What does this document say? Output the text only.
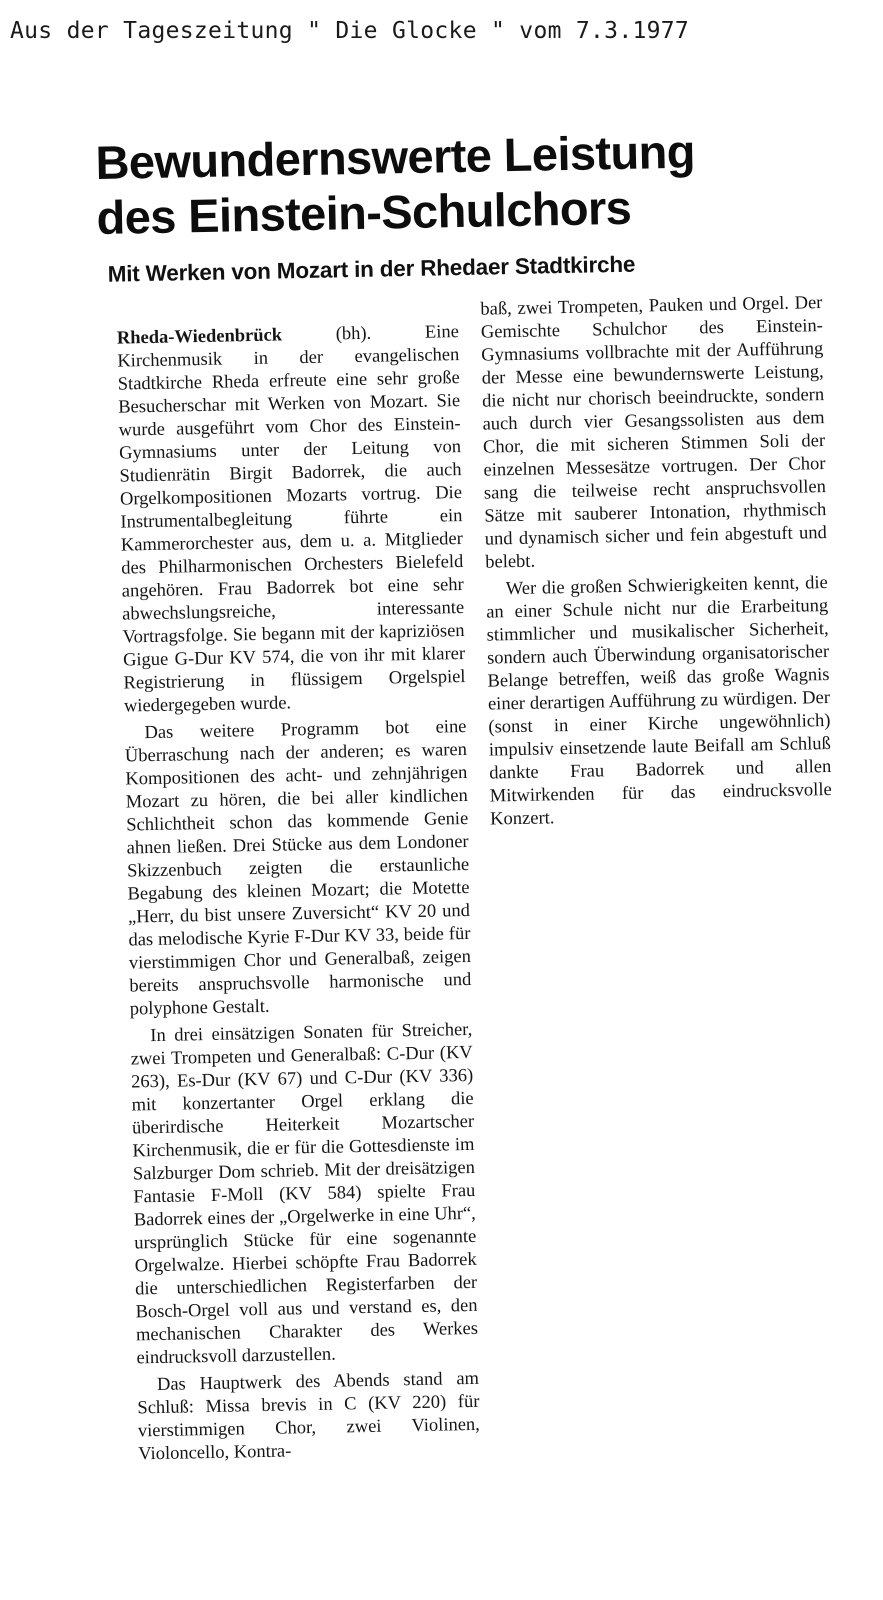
Aus der Tageszeitung " Die Glocke " vom 7.3.1977
Bewundernswerte Leistung
des Einstein-Schulchors
Mit Werken von Mozart in der Rhedaer Stadtkirche

Rheda-Wiedenbrück (bh). Eine Kirchenmusik in der evangelischen Stadtkirche Rheda erfreute eine sehr große Besucherschar mit Werken von Mozart. Sie wurde ausgeführt vom Chor des Einstein-Gymnasiums unter der Leitung von Studienrätin Birgit Badorrek, die auch Orgelkompositionen Mozarts vortrug. Die Instrumentalbegleitung führte ein Kammerorchester aus, dem u. a. Mitglieder des Philharmonischen Orchesters Bielefeld angehören. Frau Badorrek bot eine sehr abwechslungsreiche, interessante Vortragsfolge. Sie begann mit der kapriziösen Gigue G-Dur KV 574, die von ihr mit klarer Registrierung in flüssigem Orgelspiel wiedergegeben wurde.

Das weitere Programm bot eine Überraschung nach der anderen; es waren Kompositionen des acht- und zehnjährigen Mozart zu hören, die bei aller kindlichen Schlichtheit schon das kommende Genie ahnen ließen. Drei Stücke aus dem Londoner Skizzenbuch zeigten die erstaunliche Begabung des kleinen Mozart; die Motette „Herr, du bist unsere Zuversicht“ KV 20 und das melodische Kyrie F-Dur KV 33, beide für vierstimmigen Chor und Generalbaß, zeigen bereits anspruchsvolle harmonische und polyphone Gestalt.

In drei einsätzigen Sonaten für Streicher, zwei Trompeten und Generalbaß: C-Dur (KV 263), Es-Dur (KV 67) und C-Dur (KV 336) mit konzertanter Orgel erklang die überirdische Heiterkeit Mozartscher Kirchenmusik, die er für die Gottesdienste im Salzburger Dom schrieb. Mit der dreisätzigen Fantasie F-Moll (KV 584) spielte Frau Badorrek eines der „Orgelwerke in eine Uhr“, ursprünglich Stücke für eine sogenannte Orgelwalze. Hierbei schöpfte Frau Badorrek die unterschiedlichen Registerfarben der Bosch-Orgel voll aus und verstand es, den mechanischen Charakter des Werkes eindrucksvoll darzustellen.

Das Hauptwerk des Abends stand am Schluß: Missa brevis in C (KV 220) für vierstimmigen Chor, zwei Violinen, Violoncello, Kontra-

baß, zwei Trompeten, Pauken und Orgel. Der Gemischte Schulchor des Einstein-Gymnasiums vollbrachte mit der Aufführung der Messe eine bewundernswerte Leistung, die nicht nur chorisch beeindruckte, sondern auch durch vier Gesangssolisten aus dem Chor, die mit sicheren Stimmen Soli der einzelnen Messesätze vortrugen. Der Chor sang die teilweise recht anspruchsvollen Sätze mit sauberer Intonation, rhythmisch und dynamisch sicher und fein abgestuft und belebt.

Wer die großen Schwierigkeiten kennt, die an einer Schule nicht nur die Erarbeitung stimmlicher und musikalischer Sicherheit, sondern auch Überwindung organisatorischer Belange betreffen, weiß das große Wagnis einer derartigen Aufführung zu würdigen. Der (sonst in einer Kirche ungewöhnlich) impulsiv einsetzende laute Beifall am Schluß dankte Frau Badorrek und allen Mitwirkenden für das eindrucksvolle Konzert.
